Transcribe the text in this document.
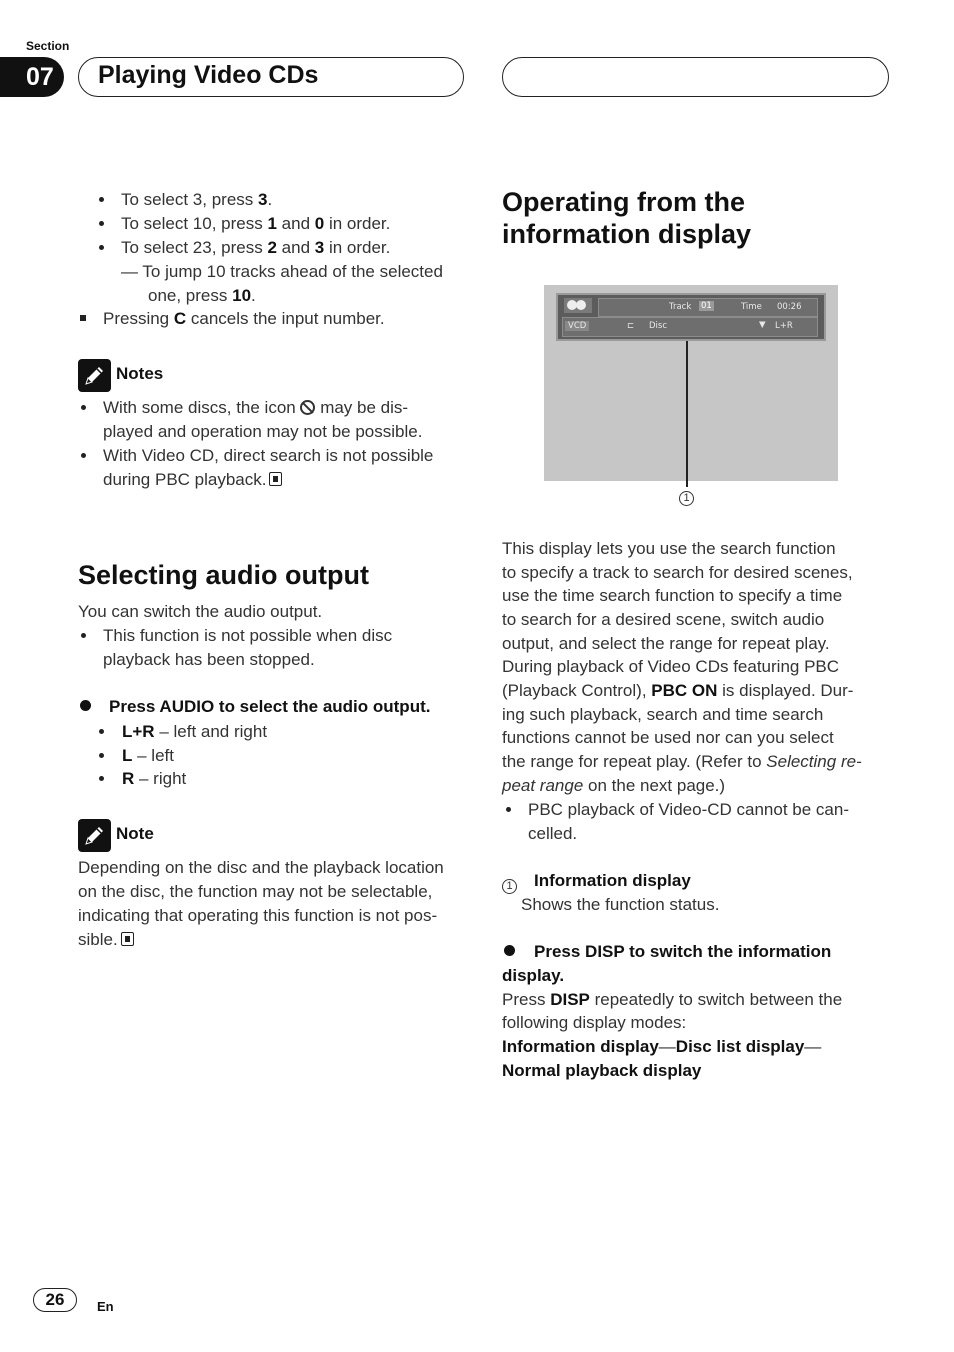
Section
07	Playing Video CDs
To select 3, press 3.
To select 10, press 1 and 0 in order.
To select 23, press 2 and 3 in order.
— To jump 10 tracks ahead of the selected
one, press 10.
Pressing C cancels the input number.
Notes
With some discs, the icon
may be dis-
played and operation may not be possible.
With Video CD, direct search is not possible
during PBC playback.
Selecting audio output
You can switch the audio output.
This function is not possible when disc
playback has been stopped.
Press AUDIO to select the audio output.
L+R – left and right
L – left
R – right
Note
Depending on the disc and the playback location
on the disc, the function may not be selectable,
indicating that operating this function is not pos-
sible.
Operating from the
information display
Track 01	Time 00:26
VCD	⊏ Disc	▼ L+R
1
This display lets you use the search function
to specify a track to search for desired scenes,
use the time search function to specify a time
to search for a desired scene, switch audio
output, and select the range for repeat play.
During playback of Video CDs featuring PBC
(Playback Control), PBC ON is displayed. Dur-
ing such playback, search and time search
functions cannot be used nor can you select
the range for repeat play. (Refer to Selecting re-
peat range on the next page.)
PBC playback of Video-CD cannot be can-
celled.
1 Information display
Shows the function status.
Press DISP to switch the information
display.
Press DISP repeatedly to switch between the
following display modes:
Information display—Disc list display—
Normal playback display
26	En
